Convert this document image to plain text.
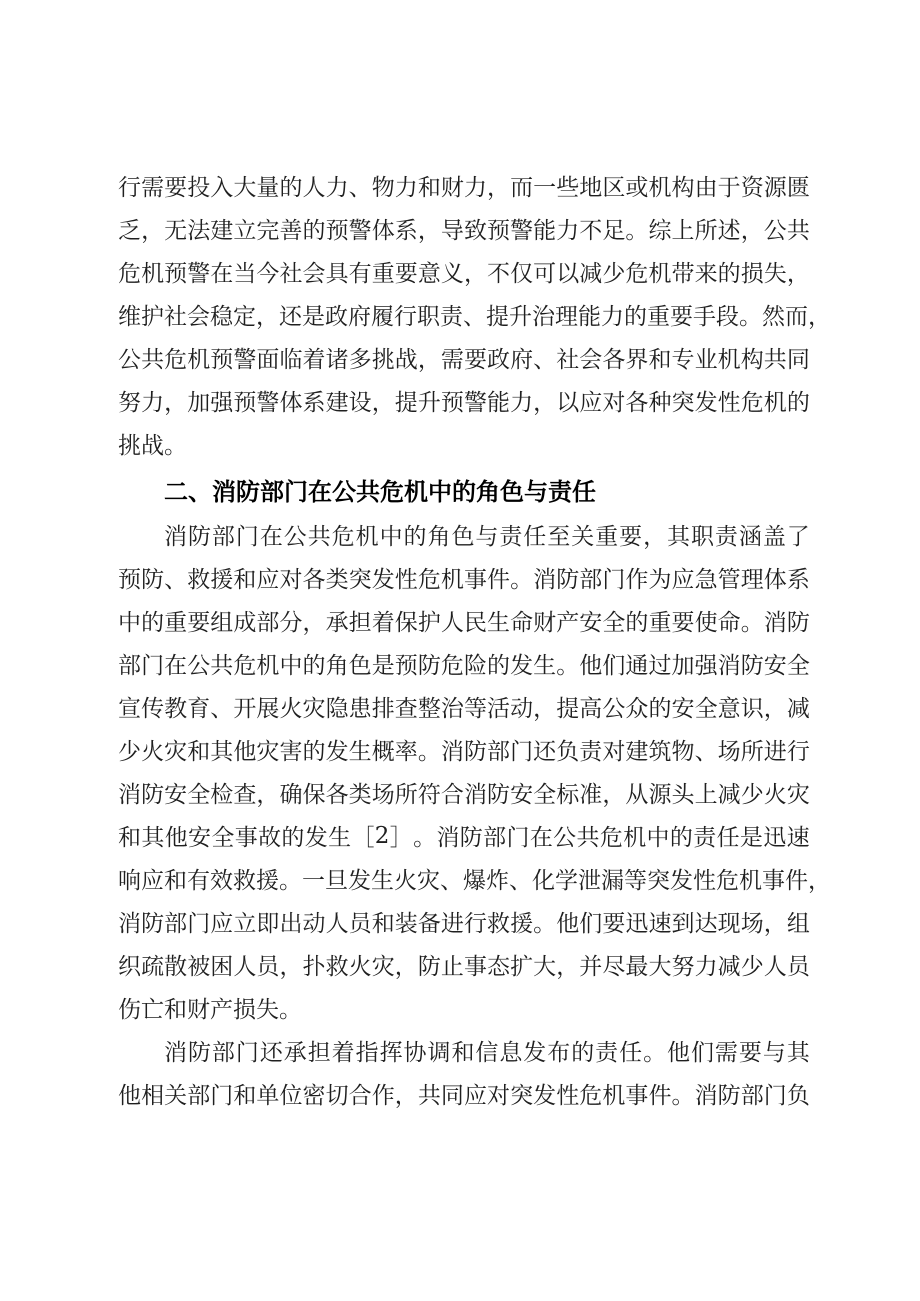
行 需 要 投 入 大 量 的 人 力 、 物 力 和 财 力 ， 而 一 些 地 区 或 机 构 由 于 资 源 匮
乏 ， 无 法 建 立 完 善 的 预 警 体 系 ， 导 致 预 警 能 力 不 足 。 综 上 所 述 ， 公 共
危 机 预 警 在 当 今 社 会 具 有 重 要 意 义 ， 不 仅 可 以 减 少 危 机 带 来 的 损 失 ，
维 护 社 会 稳 定 ， 还 是 政 府 履 行 职 责 、 提 升 治 理 能 力 的 重 要 手 段 。 然 而 ，
公 共 危 机 预 警 面 临 着 诸 多 挑 战 ， 需 要 政 府 、 社 会 各 界 和 专 业 机 构 共 同
努 力 ， 加 强 预 警 体 系 建 设 ， 提 升 预 警 能 力 ， 以 应 对 各 种 突 发 性 危 机 的
挑战。
二、消防部门在公共危机中的角色与责任
消 防 部 门 在 公 共 危 机 中 的 角 色 与 责 任 至 关 重 要 ， 其 职 责 涵 盖 了
预 防 、 救 援 和 应 对 各 类 突 发 性 危 机 事 件 。 消 防 部 门 作 为 应 急 管 理 体 系
中 的 重 要 组 成 部 分 ， 承 担 着 保 护 人 民 生 命 财 产 安 全 的 重 要 使 命 。 消 防
部 门 在 公 共 危 机 中 的 角 色 是 预 防 危 险 的 发 生 。 他 们 通 过 加 强 消 防 安 全
宣 传 教 育 、 开 展 火 灾 隐 患 排 查 整 治 等 活 动 ， 提 高 公 众 的 安 全 意 识 ， 减
少 火 灾 和 其 他 灾 害 的 发 生 概 率 。 消 防 部 门 还 负 责 对 建 筑 物 、 场 所 进 行
消 防 安 全 检 查 ， 确 保 各 类 场 所 符 合 消 防 安 全 标 准 ， 从 源 头 上 减 少 火 灾
和 其 他 安 全 事 故 的 发 生 ［ 2 ］ 。 消 防 部 门 在 公 共 危 机 中 的 责 任 是 迅 速
响 应 和 有 效 救 援 。 一 旦 发 生 火 灾 、 爆 炸 、 化 学 泄 漏 等 突 发 性 危 机 事 件 ，
消 防 部 门 应 立 即 出 动 人 员 和 装 备 进 行 救 援 。 他 们 要 迅 速 到 达 现 场 ， 组
织 疏 散 被 困 人 员 ， 扑 救 火 灾 ， 防 止 事 态 扩 大 ， 并 尽 最 大 努 力 减 少 人 员
伤亡和财产损失。
消 防 部 门 还 承 担 着 指 挥 协 调 和 信 息 发 布 的 责 任 。 他 们 需 要 与 其
他 相 关 部 门 和 单 位 密 切 合 作 ， 共 同 应 对 突 发 性 危 机 事 件 。 消 防 部 门 负
